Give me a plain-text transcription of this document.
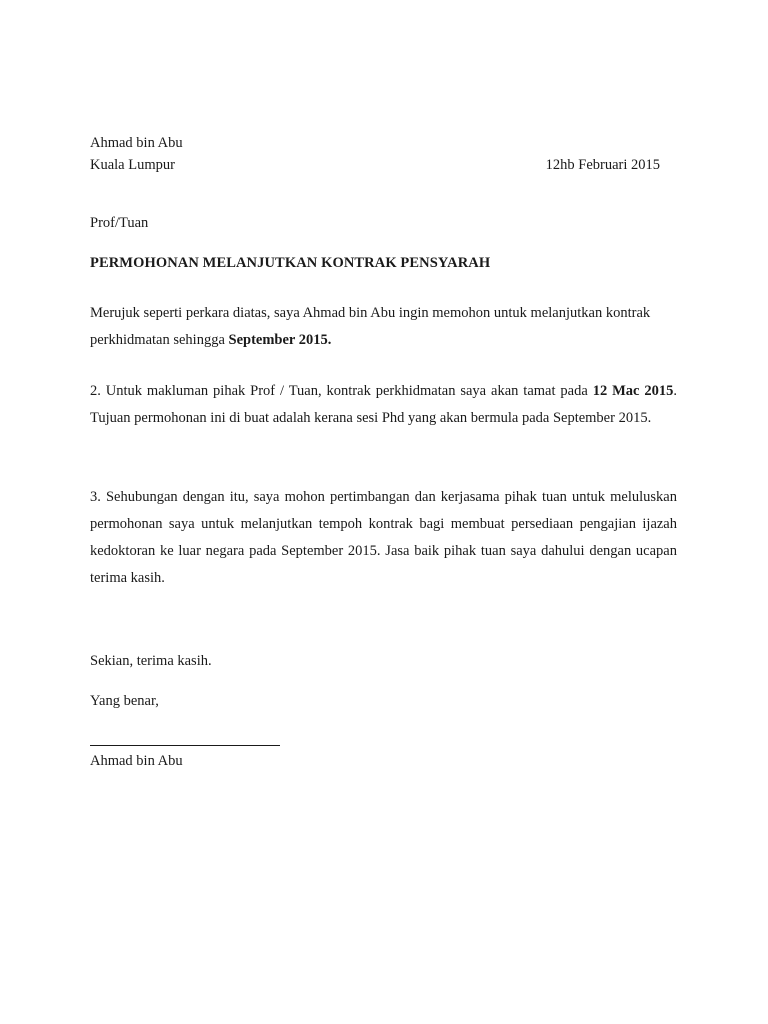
Ahmad bin Abu
Kuala Lumpur	12hb Februari 2015
Prof/Tuan
PERMOHONAN MELANJUTKAN KONTRAK PENSYARAH
Merujuk seperti perkara diatas, saya Ahmad bin Abu ingin memohon untuk melanjutkan kontrak perkhidmatan sehingga September 2015.
2. Untuk makluman pihak Prof / Tuan, kontrak perkhidmatan saya akan tamat pada 12 Mac 2015. Tujuan permohonan ini di buat adalah kerana sesi Phd yang akan bermula pada September 2015.
3. Sehubungan dengan itu, saya mohon pertimbangan dan kerjasama pihak tuan untuk meluluskan permohonan saya untuk melanjutkan tempoh kontrak bagi membuat persediaan pengajian ijazah kedoktoran ke luar negara pada September 2015. Jasa baik pihak tuan saya dahului dengan ucapan terima kasih.
Sekian, terima kasih.
Yang benar,
Ahmad bin Abu
